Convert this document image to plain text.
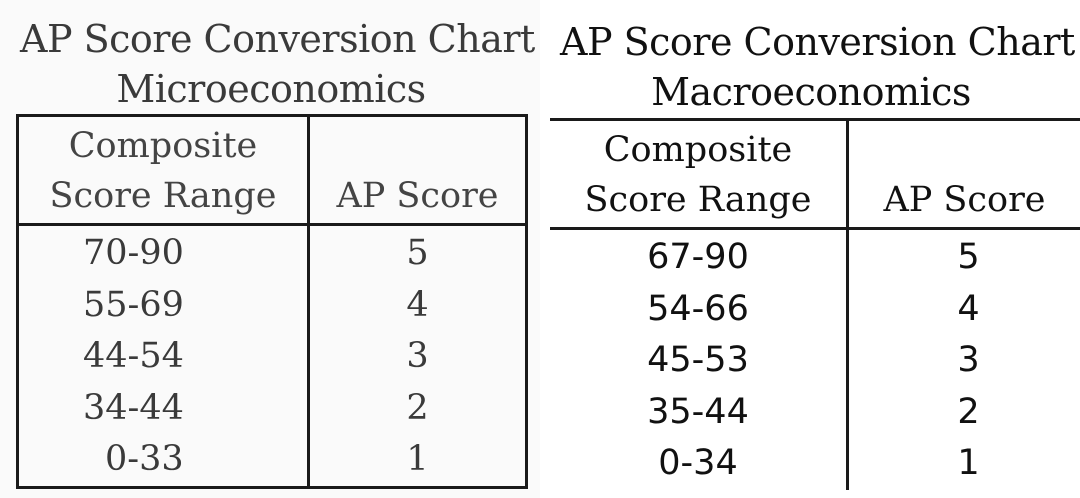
AP Score Conversion Chart
Microeconomics
Composite
Score Range	AP Score
70-90	5
55-69	4
44-54	3
34-44	2
0-33	1
AP Score Conversion Chart
Macroeconomics
Composite
Score Range	AP Score
67-90	5
54-66	4
45-53	3
35-44	2
0-34	1
